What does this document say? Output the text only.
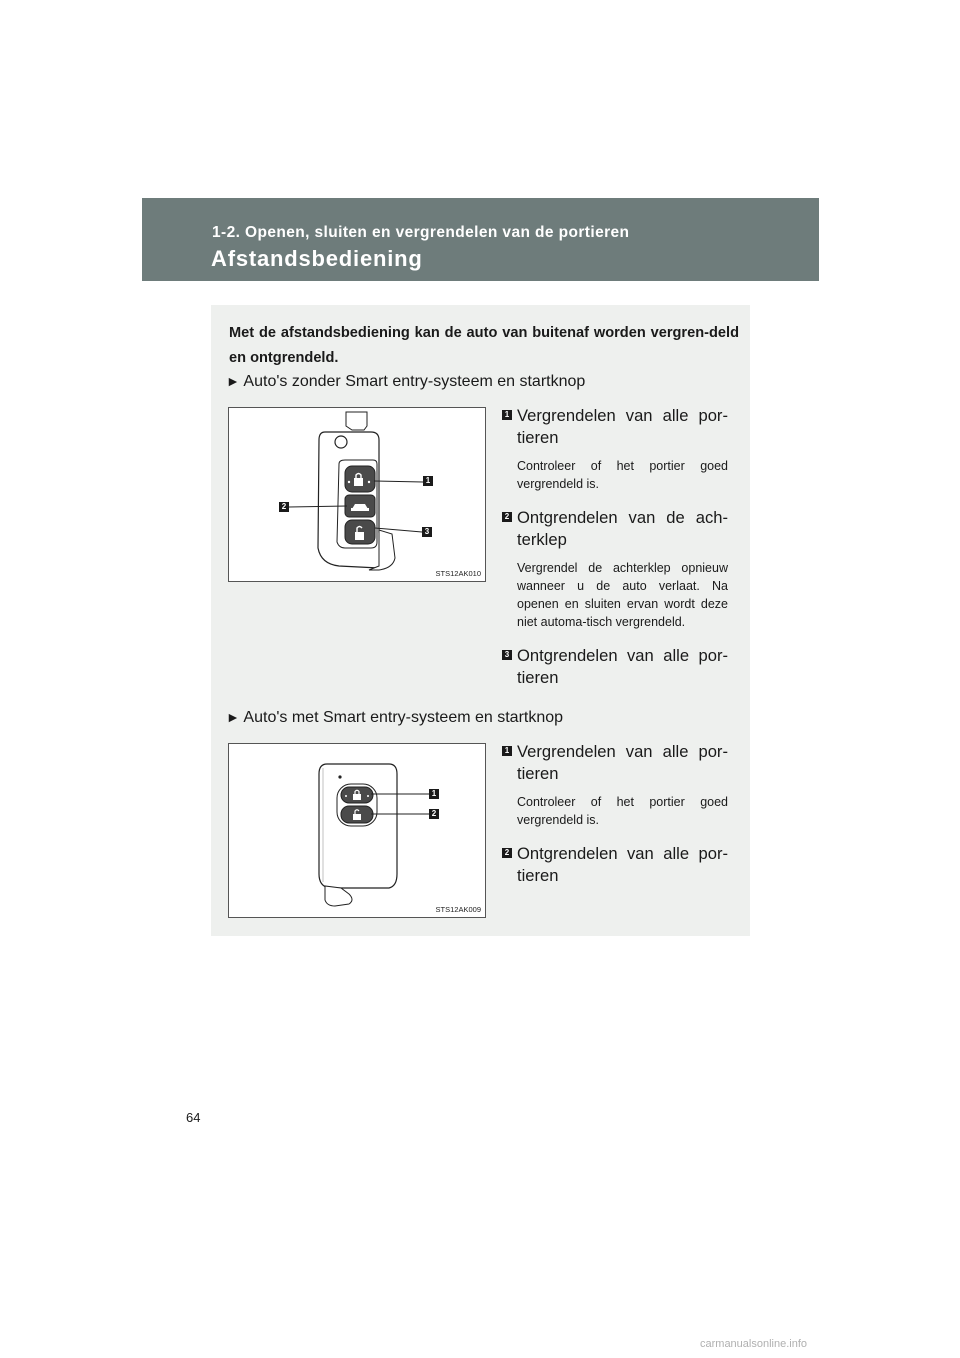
1-2. Openen, sluiten en vergrendelen van de portieren
Afstandsbediening
Met de afstandsbediening kan de auto van buitenaf worden vergren-deld en ontgrendeld.
► Auto's zonder Smart entry-systeem en startknop
1
2
3
STS12AK010
1 Vergrendelen van alle por-tieren
Controleer of het portier goed vergrendeld is.
2 Ontgrendelen van de ach-terklep
Vergrendel de achterklep opnieuw wanneer u de auto verlaat. Na openen en sluiten ervan wordt deze niet automa-tisch vergrendeld.
3 Ontgrendelen van alle por-tieren
► Auto's met Smart entry-systeem en startknop
1
2
STS12AK009
1 Vergrendelen van alle por-tieren
Controleer of het portier goed vergrendeld is.
2 Ontgrendelen van alle por-tieren
64
carmanualsonline.info
